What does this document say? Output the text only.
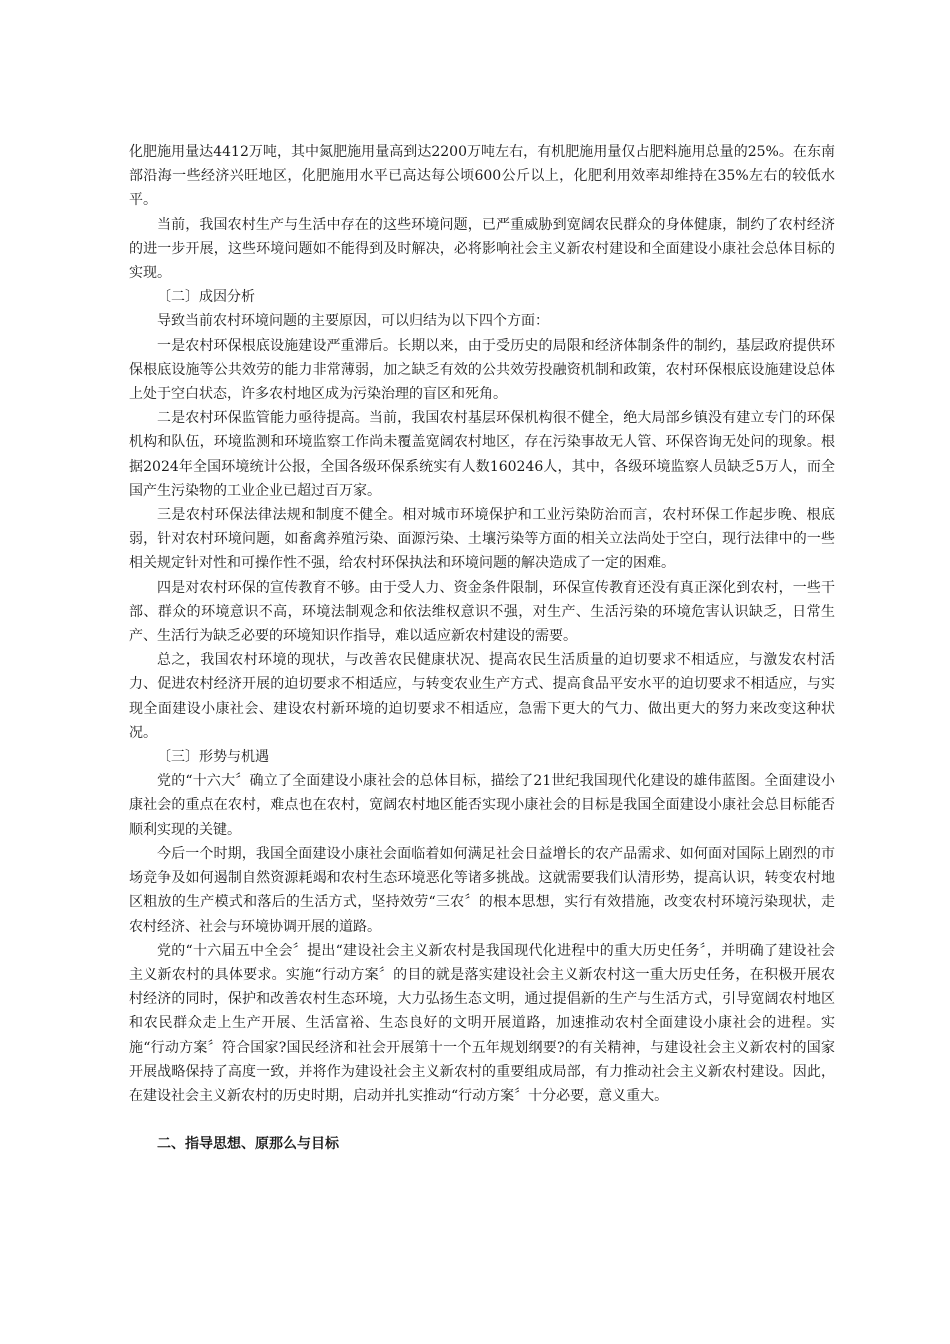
化肥施用量达4412万吨，其中氮肥施用量高到达2200万吨左右，有机肥施用量仅占肥料施用总量的25%。在东南部沿海一些经济兴旺地区，化肥施用水平已高达每公顷600公斤以上，化肥利用效率却维持在35%左右的较低水平。

当前，我国农村生产与生活中存在的这些环境问题，已严重威胁到宽阔农民群众的身体健康，制约了农村经济的进一步开展，这些环境问题如不能得到及时解决，必将影响社会主义新农村建设和全面建设小康社会总体目标的实现。

〔二〕成因分析

导致当前农村环境问题的主要原因，可以归结为以下四个方面：

一是农村环保根底设施建设严重滞后。长期以来，由于受历史的局限和经济体制条件的制约，基层政府提供环保根底设施等公共效劳的能力非常薄弱，加之缺乏有效的公共效劳投融资机制和政策，农村环保根底设施建设总体上处于空白状态，许多农村地区成为污染治理的盲区和死角。

二是农村环保监管能力亟待提高。当前，我国农村基层环保机构很不健全，绝大局部乡镇没有建立专门的环保机构和队伍，环境监测和环境监察工作尚未覆盖宽阔农村地区，存在污染事故无人管、环保咨询无处问的现象。根据2024年全国环境统计公报，全国各级环保系统实有人数160246人，其中，各级环境监察人员缺乏5万人，而全国产生污染物的工业企业已超过百万家。

三是农村环保法律法规和制度不健全。相对城市环境保护和工业污染防治而言，农村环保工作起步晚、根底弱，针对农村环境问题，如畜禽养殖污染、面源污染、土壤污染等方面的相关立法尚处于空白，现行法律中的一些相关规定针对性和可操作性不强，给农村环保执法和环境问题的解决造成了一定的困难。

四是对农村环保的宣传教育不够。由于受人力、资金条件限制，环保宣传教育还没有真正深化到农村，一些干部、群众的环境意识不高，环境法制观念和依法维权意识不强，对生产、生活污染的环境危害认识缺乏，日常生产、生活行为缺乏必要的环境知识作指导，难以适应新农村建设的需要。

总之，我国农村环境的现状，与改善农民健康状况、提高农民生活质量的迫切要求不相适应，与激发农村活力、促进农村经济开展的迫切要求不相适应，与转变农业生产方式、提高食品平安水平的迫切要求不相适应，与实现全面建设小康社会、建设农村新环境的迫切要求不相适应，急需下更大的气力、做出更大的努力来改变这种状况。

〔三〕形势与机遇

党的“十六大〞确立了全面建设小康社会的总体目标，描绘了21世纪我国现代化建设的雄伟蓝图。全面建设小康社会的重点在农村，难点也在农村，宽阔农村地区能否实现小康社会的目标是我国全面建设小康社会总目标能否顺利实现的关键。

今后一个时期，我国全面建设小康社会面临着如何满足社会日益增长的农产品需求、如何面对国际上剧烈的市场竞争及如何遏制自然资源耗竭和农村生态环境恶化等诸多挑战。这就需要我们认清形势，提高认识，转变农村地区粗放的生产模式和落后的生活方式，坚持效劳“三农〞的根本思想，实行有效措施，改变农村环境污染现状，走农村经济、社会与环境协调开展的道路。

党的“十六届五中全会〞提出“建设社会主义新农村是我国现代化进程中的重大历史任务〞，并明确了建设社会主义新农村的具体要求。实施“行动方案〞的目的就是落实建设社会主义新农村这一重大历史任务，在积极开展农村经济的同时，保护和改善农村生态环境，大力弘扬生态文明，通过提倡新的生产与生活方式，引导宽阔农村地区和农民群众走上生产开展、生活富裕、生态良好的文明开展道路，加速推动农村全面建设小康社会的进程。实施“行动方案〞符合国家?国民经济和社会开展第十一个五年规划纲要?的有关精神，与建设社会主义新农村的国家开展战略保持了高度一致，并将作为建设社会主义新农村的重要组成局部，有力推动社会主义新农村建设。因此，在建设社会主义新农村的历史时期，启动并扎实推动“行动方案〞十分必要，意义重大。

二、指导思想、原那么与目标
